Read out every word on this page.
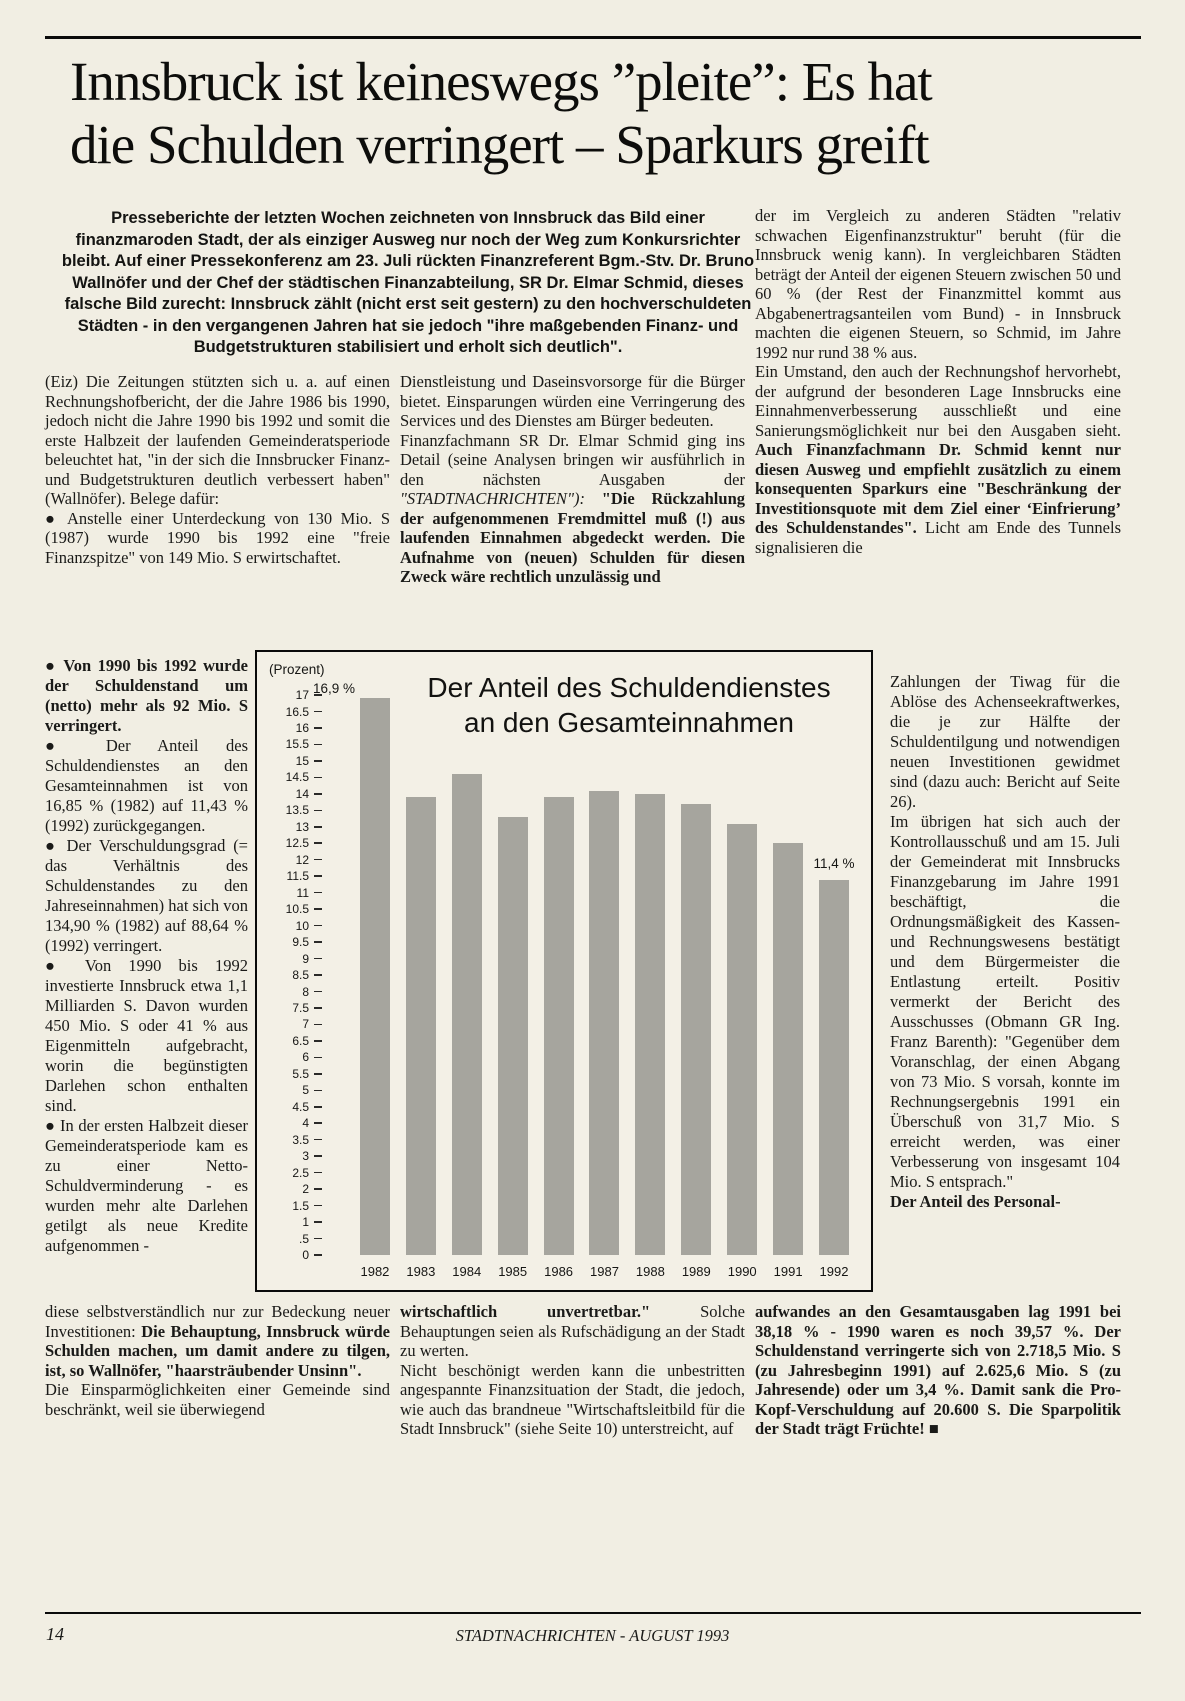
Innsbruck ist keineswegs ”pleite”: Es hat
die Schulden verringert – Sparkurs greift
Presseberichte der letzten Wochen zeichneten von Innsbruck das Bild einer finanzmaroden Stadt, der als einziger Ausweg nur noch der Weg zum Konkursrichter bleibt. Auf einer Pressekonferenz am 23. Juli rückten Finanzreferent Bgm.-Stv. Dr. Bruno Wallnöfer und der Chef der städtischen Finanzabteilung, SR Dr. Elmar Schmid, dieses falsche Bild zurecht: Innsbruck zählt (nicht erst seit gestern) zu den hochverschuldeten Städten - in den vergangenen Jahren hat sie jedoch "ihre maßgebenden Finanz- und Budgetstrukturen stabilisiert und erholt sich deutlich".

(Eiz) Die Zeitungen stützten sich u. a. auf einen Rechnungshofbericht, der die Jahre 1986 bis 1990, jedoch nicht die Jahre 1990 bis 1992 und somit die erste Halbzeit der laufenden Gemeinderatsperiode beleuchtet hat, "in der sich die Innsbrucker Finanz- und Budgetstrukturen deutlich verbessert haben" (Wallnöfer). Belege dafür:

● Anstelle einer Unterdeckung von 130 Mio. S (1987) wurde 1990 bis 1992 eine "freie Finanzspitze" von 149 Mio. S erwirtschaftet.

● Von 1990 bis 1992 wurde der Schuldenstand um (netto) mehr als 92 Mio. S verringert.

● Der Anteil des Schuldendienstes an den Gesamteinnahmen ist von 16,85 % (1982) auf 11,43 % (1992) zurückgegangen.

● Der Verschuldungsgrad (= das Verhältnis des Schuldenstandes zu den Jahreseinnahmen) hat sich von 134,90 % (1982) auf 88,64 % (1992) verringert.

● Von 1990 bis 1992 investierte Innsbruck etwa 1,1 Milliarden S. Davon wurden 450 Mio. S oder 41 % aus Eigenmitteln aufgebracht, worin die begünstigten Darlehen schon enthalten sind.

● In der ersten Halbzeit dieser Gemeinderatsperiode kam es zu einer Netto-Schuldverminderung - es wurden mehr alte Darlehen getilgt als neue Kredite aufgenommen -

diese selbstverständlich nur zur Bedeckung neuer Investitionen: Die Behauptung, Innsbruck würde Schulden machen, um damit andere zu tilgen, ist, so Wallnöfer, "haarsträubender Unsinn".

Die Einsparmöglichkeiten einer Gemeinde sind beschränkt, weil sie überwiegend

Dienstleistung und Daseinsvorsorge für die Bürger bietet. Einsparungen würden eine Verringerung des Services und des Dienstes am Bürger bedeuten.

Finanzfachmann SR Dr. Elmar Schmid ging ins Detail (seine Analysen bringen wir ausführlich in den nächsten Ausgaben der "STADTNACHRICHTEN"): "Die Rückzahlung der aufgenommenen Fremdmittel muß (!) aus laufenden Einnahmen abgedeckt werden. Die Aufnahme von (neuen) Schulden für diesen Zweck wäre rechtlich unzulässig und

wirtschaftlich unvertretbar." Solche Behauptungen seien als Rufschädigung an der Stadt zu werten.

Nicht beschönigt werden kann die unbestritten angespannte Finanzsituation der Stadt, die jedoch, wie auch das brandneue "Wirtschaftsleitbild für die Stadt Innsbruck" (siehe Seite 10) unterstreicht, auf

der im Vergleich zu anderen Städten "relativ schwachen Eigenfinanzstruktur" beruht (für die Innsbruck wenig kann). In vergleichbaren Städten beträgt der Anteil der eigenen Steuern zwischen 50 und 60 % (der Rest der Finanzmittel kommt aus Abgabenertragsanteilen vom Bund) - in Innsbruck machten die eigenen Steuern, so Schmid, im Jahre 1992 nur rund 38 % aus.

Ein Umstand, den auch der Rechnungshof hervorhebt, der aufgrund der besonderen Lage Innsbrucks eine Einnahmenverbesserung ausschließt und eine Sanierungsmöglichkeit nur bei den Ausgaben sieht. Auch Finanzfachmann Dr. Schmid kennt nur diesen Ausweg und empfiehlt zusätzlich zu einem konsequenten Sparkurs eine "Beschränkung der Investitionsquote mit dem Ziel einer ‘Einfrierung’ des Schuldenstandes". Licht am Ende des Tunnels signalisieren die

Zahlungen der Tiwag für die Ablöse des Achenseekraftwerkes, die je zur Hälfte der Schuldentilgung und notwendigen neuen Investitionen gewidmet sind (dazu auch: Bericht auf Seite 26).

Im übrigen hat sich auch der Kontrollausschuß und am 15. Juli der Gemeinderat mit Innsbrucks Finanzgebarung im Jahre 1991 beschäftigt, die Ordnungsmäßigkeit des Kassen- und Rechnungswesens bestätigt und dem Bürgermeister die Entlastung erteilt. Positiv vermerkt der Bericht des Ausschusses (Obmann GR Ing. Franz Barenth): "Gegenüber dem Voranschlag, der einen Abgang von 73 Mio. S vorsah, konnte im Rechnungsergebnis 1991 ein Überschuß von 31,7 Mio. S erreicht werden, was einer Verbesserung von insgesamt 104 Mio. S entsprach."

Der Anteil des Personal-

aufwandes an den Gesamtausgaben lag 1991 bei 38,18 % - 1990 waren es noch 39,57 %. Der Schuldenstand verringerte sich von 2.718,5 Mio. S (zu Jahresbeginn 1991) auf 2.625,6 Mio. S (zu Jahresende) oder um 3,4 %. Damit sank die Pro-Kopf-Verschuldung auf 20.600 S. Die Sparpolitik der Stadt trägt Früchte! ■

(Prozent)
Der Anteil des Schuldendienstes
an den Gesamteinnahmen
17
16.5
16
15.5
15
14.5
14
13.5
13
12.5
12
11.5
11
10.5
10
9.5
9
8.5
8
7.5
7
6.5
6
5.5
5
4.5
4
3.5
3
2.5
2
1.5
1
.5
0
1982	1983	1984	1985	1986	1987	1988	1989	1990	1991	1992
16,9 %
11,4 %
14	STADTNACHRICHTEN - AUGUST 1993
